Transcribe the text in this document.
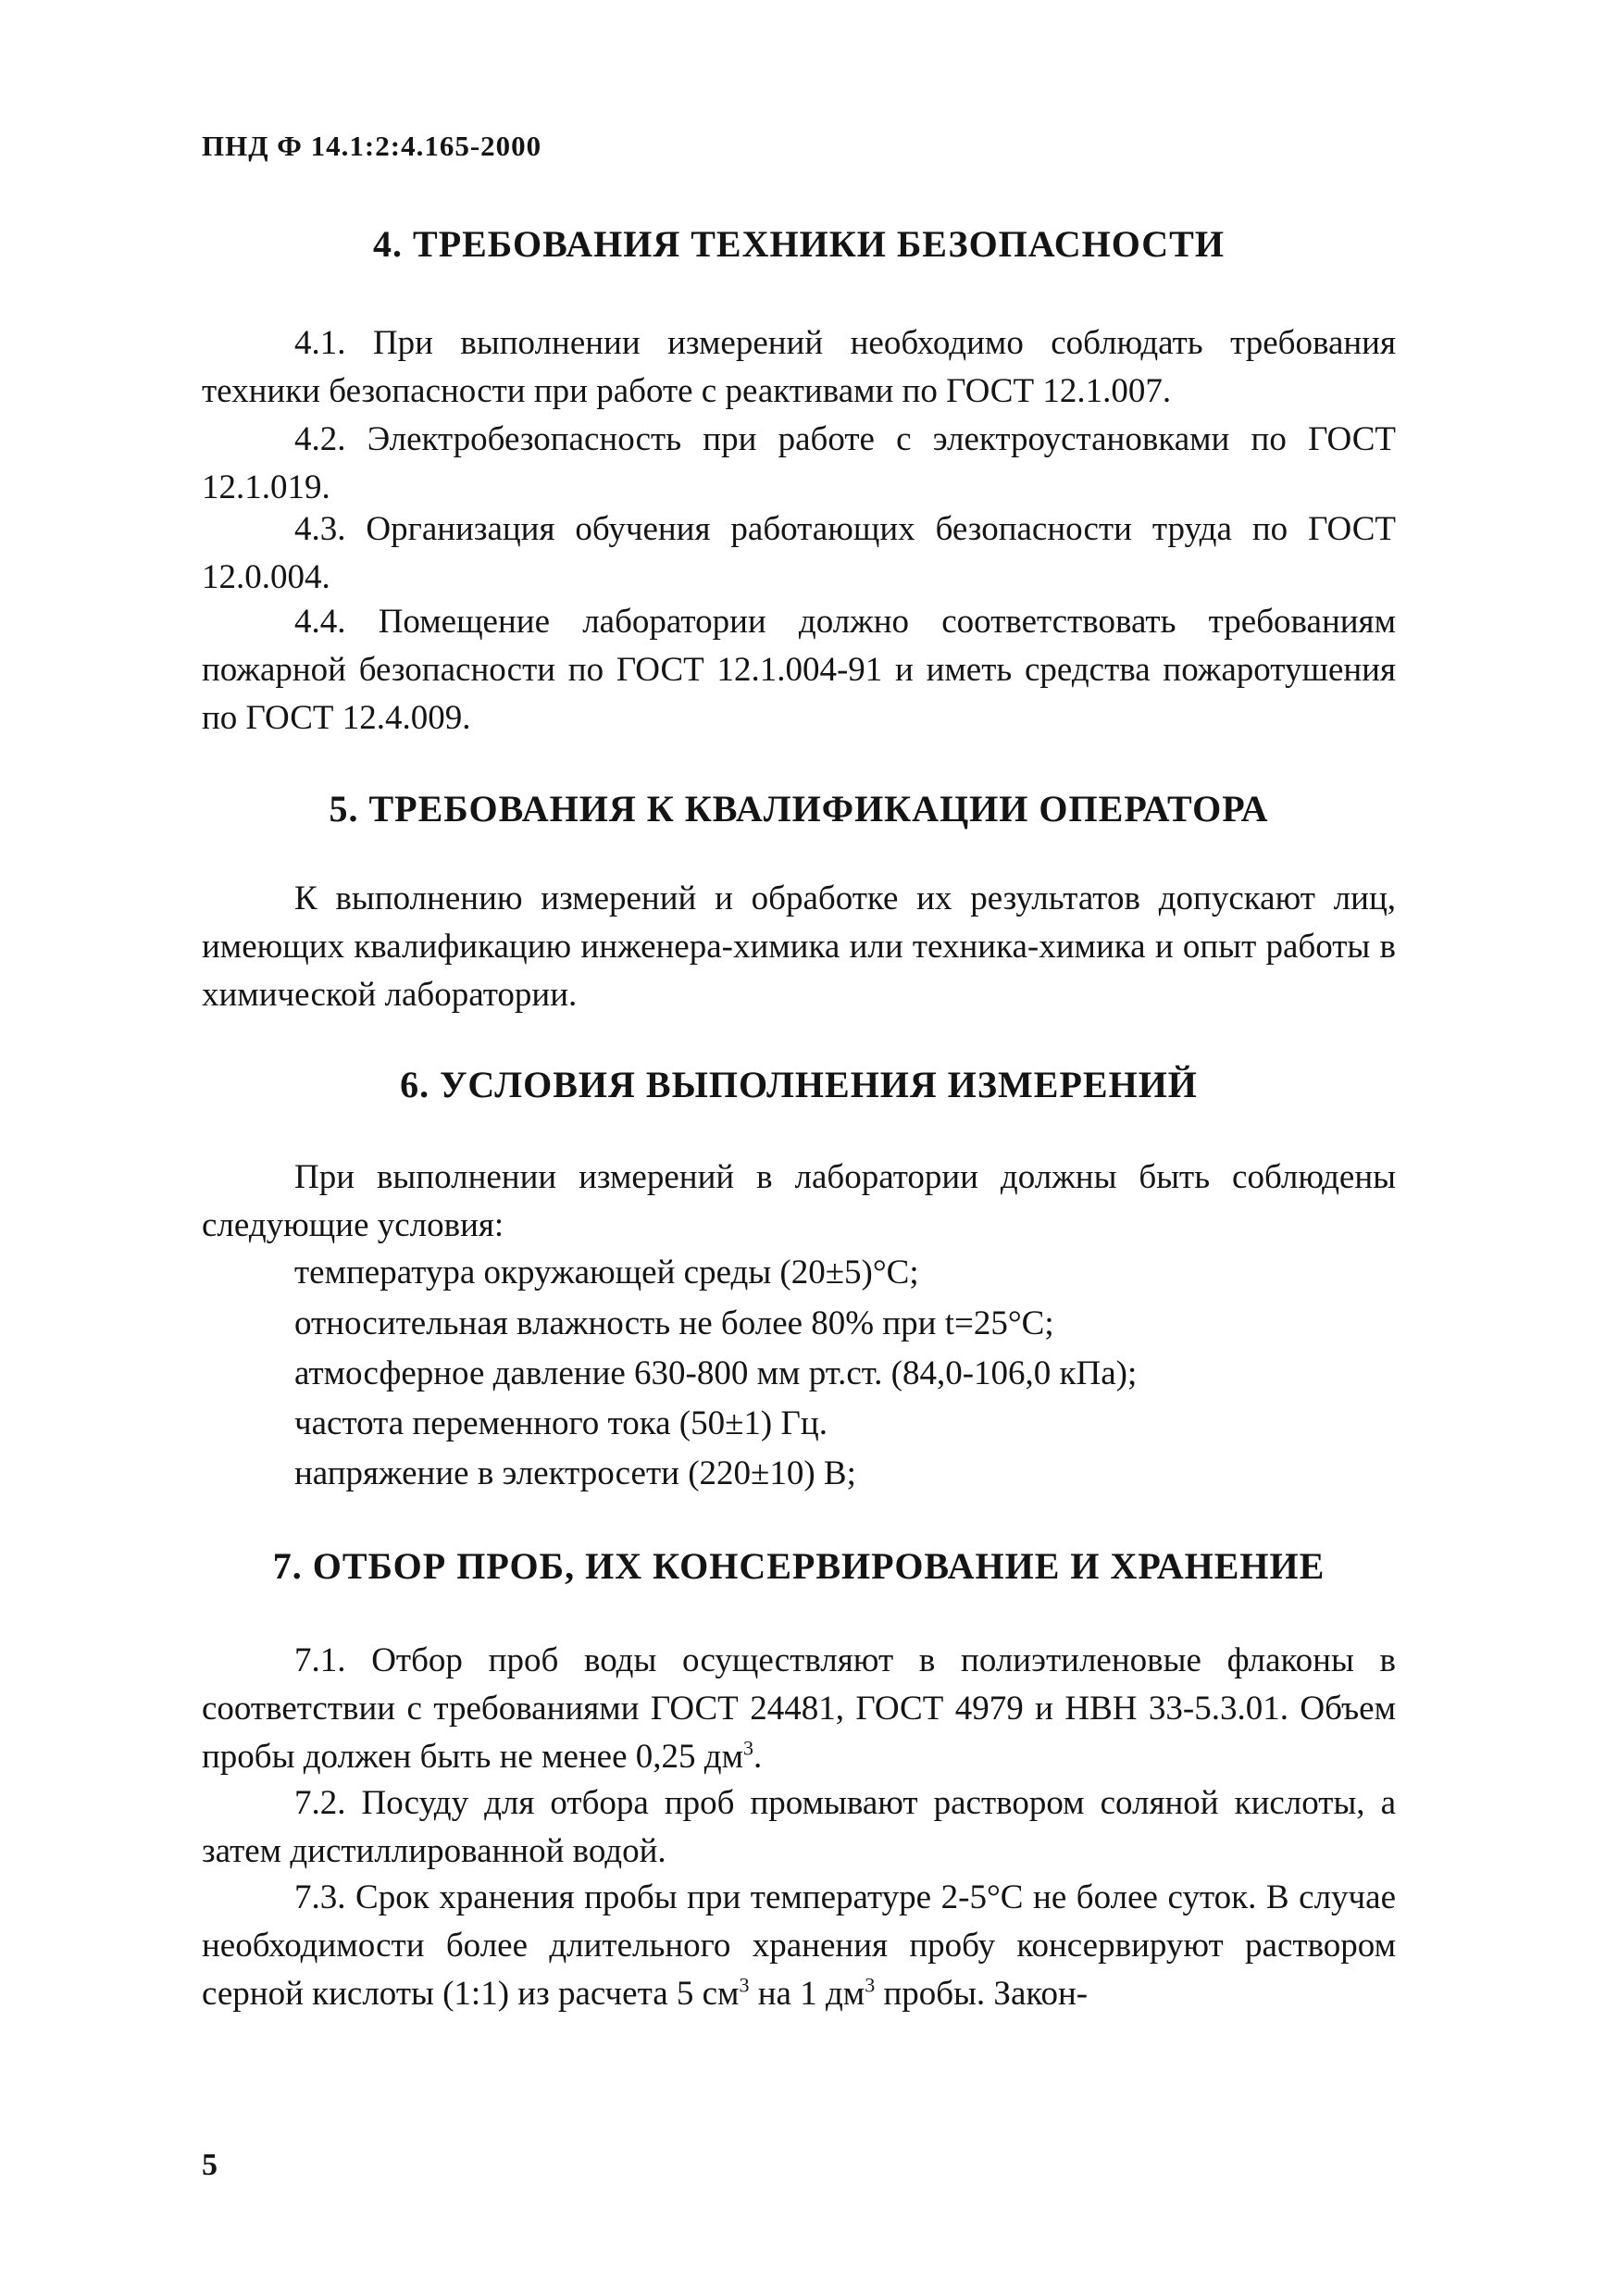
ПНД Ф 14.1:2:4.165-2000
4. ТРЕБОВАНИЯ ТЕХНИКИ БЕЗОПАСНОСТИ
4.1. При выполнении измерений необходимо соблюдать требования техники безопасности при работе с реактивами по ГОСТ 12.1.007.
4.2. Электробезопасность при работе с электроустановками по ГОСТ 12.1.019.
4.3. Организация обучения работающих безопасности труда по ГОСТ 12.0.004.
4.4. Помещение лаборатории должно соответствовать требованиям пожарной безопасности по ГОСТ 12.1.004-91 и иметь средства пожаротушения по ГОСТ 12.4.009.
5. ТРЕБОВАНИЯ К КВАЛИФИКАЦИИ ОПЕРАТОРА
К выполнению измерений и обработке их результатов допускают лиц, имеющих квалификацию инженера-химика или техника-химика и опыт работы в химической лаборатории.
6. УСЛОВИЯ ВЫПОЛНЕНИЯ ИЗМЕРЕНИЙ
При выполнении измерений в лаборатории должны быть соблюдены следующие условия:
температура окружающей среды (20±5)°С;
относительная влажность не более 80% при t=25°С;
атмосферное давление 630-800 мм рт.ст. (84,0-106,0 кПа);
частота переменного тока (50±1) Гц.
напряжение в электросети (220±10) В;
7. ОТБОР ПРОБ, ИХ КОНСЕРВИРОВАНИЕ И ХРАНЕНИЕ
7.1. Отбор проб воды осуществляют в полиэтиленовые флаконы в соответствии с требованиями ГОСТ 24481, ГОСТ 4979 и НВН 33-5.3.01. Объем пробы должен быть не менее 0,25 $дм^3$.
7.2. Посуду для отбора проб промывают раствором соляной кислоты, а затем дистиллированной водой.
7.3. Срок хранения пробы при температуре 2-5°С не более суток. В случае необходимости более длительного хранения пробу консервируют раствором серной кислоты (1:1) из расчета 5 $см^3$ на 1 $дм^3$ пробы. Закон-
5
